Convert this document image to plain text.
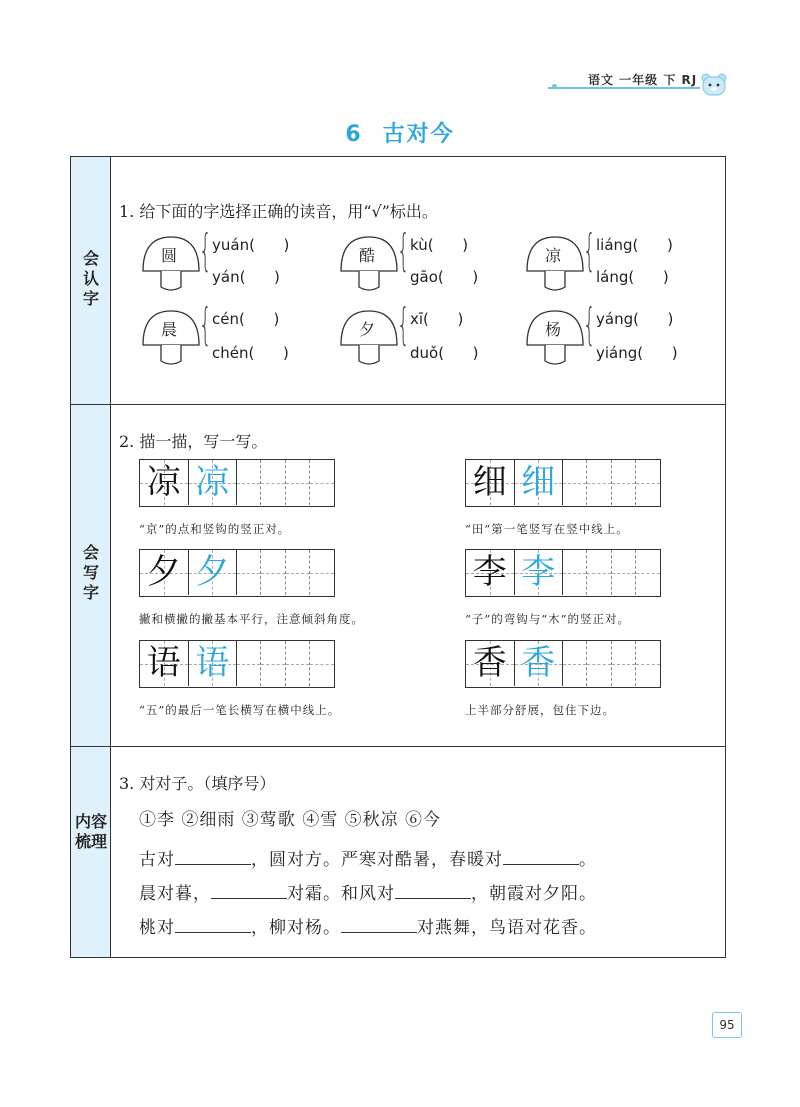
语文 一年级 下 RJ
6 古对今
会认字
会写字
内容梳理
1. 给下面的字选择正确的读音，用“√”标出。
圆 { yuán(      )
yán(      )
酷 { kù(      )
gāo(      )
凉 { liáng(      )
láng(      )
晨 { cén(      )
chén(      )
夕 { xī(      )
duǒ(      )
杨 { yáng(      )
yiáng(      )
2. 描一描，写一写。
凉 凉
“京”的点和竖钩的竖正对。
细 细
“田”第一笔竖写在竖中线上。
夕 夕
撇和横撇的撇基本平行，注意倾斜角度。
李 李
“子”的弯钩与“木”的竖正对。
语 语
“五”的最后一笔长横写在横中线上。
香 香
上半部分舒展，包住下边。
3. 对对子。（填序号）
①李 ②细雨 ③莺歌 ④雪 ⑤秋凉 ⑥今
古对	，圆对方。严寒对酷暑，春暖对	。
晨对暮，	对霜。和风对	，朝霞对夕阳。
桃对	，柳对杨。	对燕舞，鸟语对花香。
95
